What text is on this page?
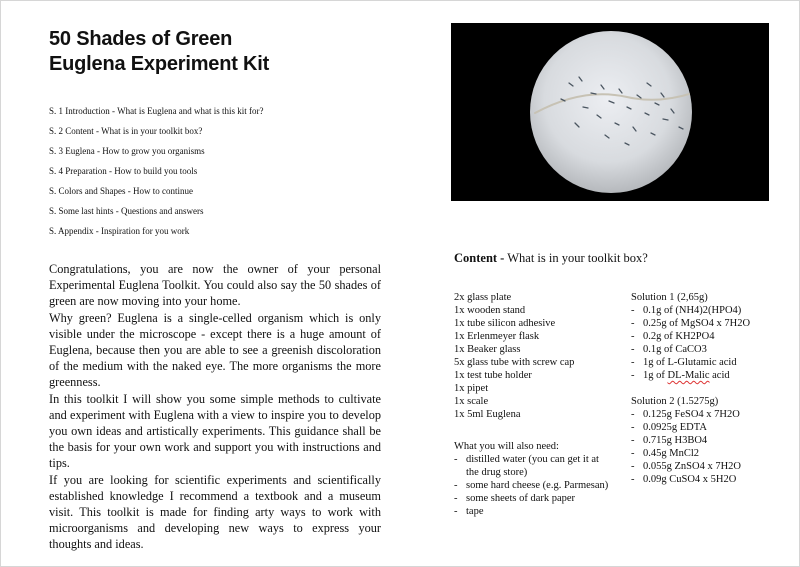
50 Shades of Green
Euglena Experiment Kit
S. 1 Introduction - What is Euglena and what is this kit for?
S. 2 Content - What is in your toolkit box?
S. 3 Euglena - How to grow you organisms
S. 4 Preparation - How to build you tools
S. Colors and Shapes - How to continue
S. Some last hints - Questions and answers
S. Appendix - Inspiration for you work

Congratulations, you are now the owner of your personal Experimental Euglena Toolkit. You could also say the 50 shades of green are now moving into your home.

Why green? Euglena is a single-celled organism which is only visible under the microscope - except there is a huge amount of Euglena, because then you are able to see a greenish discoloration of the medium with the naked eye. The more organisms the more greenness.

In this toolkit I will show you some simple methods to cultivate and experiment with Euglena with a view to inspire you to develop you own ideas and artistically experiments. This guidance shall be the basis for your own work and support you with instructions and tips.

If you are looking for scientific experiments and scientifically established knowledge I recommend a textbook and a museum visit. This toolkit is made for finding arty ways to work with microorganisms and developing new ways to express your thoughts and ideas.

Content - What is in your toolkit box?
2x glass plate
1x wooden stand
1x tube silicon adhesive
1x Erlenmeyer flask
1x Beaker glass
5x glass tube with screw cap
1x test tube holder
1x pipet
1x scale
1x 5ml Euglena
What you will also need:
- distilled water (you can get it at the drug store)
- some hard cheese (e.g. Parmesan)
- some sheets of dark paper
- tape
Solution 1 (2,65g)
- 0.1g of (NH4)2(HPO4)
- 0.25g of MgSO4 x 7H2O
- 0.2g of KH2PO4
- 0.1g of CaCO3
- 1g of L-Glutamic acid
- 1g of DL-Malic acid
Solution 2 (1.5275g)
- 0.125g FeSO4 x 7H2O
- 0.0925g EDTA
- 0.715g H3BO4
- 0.45g MnCl2
- 0.055g ZnSO4 x 7H2O
- 0.09g CuSO4 x 5H2O
